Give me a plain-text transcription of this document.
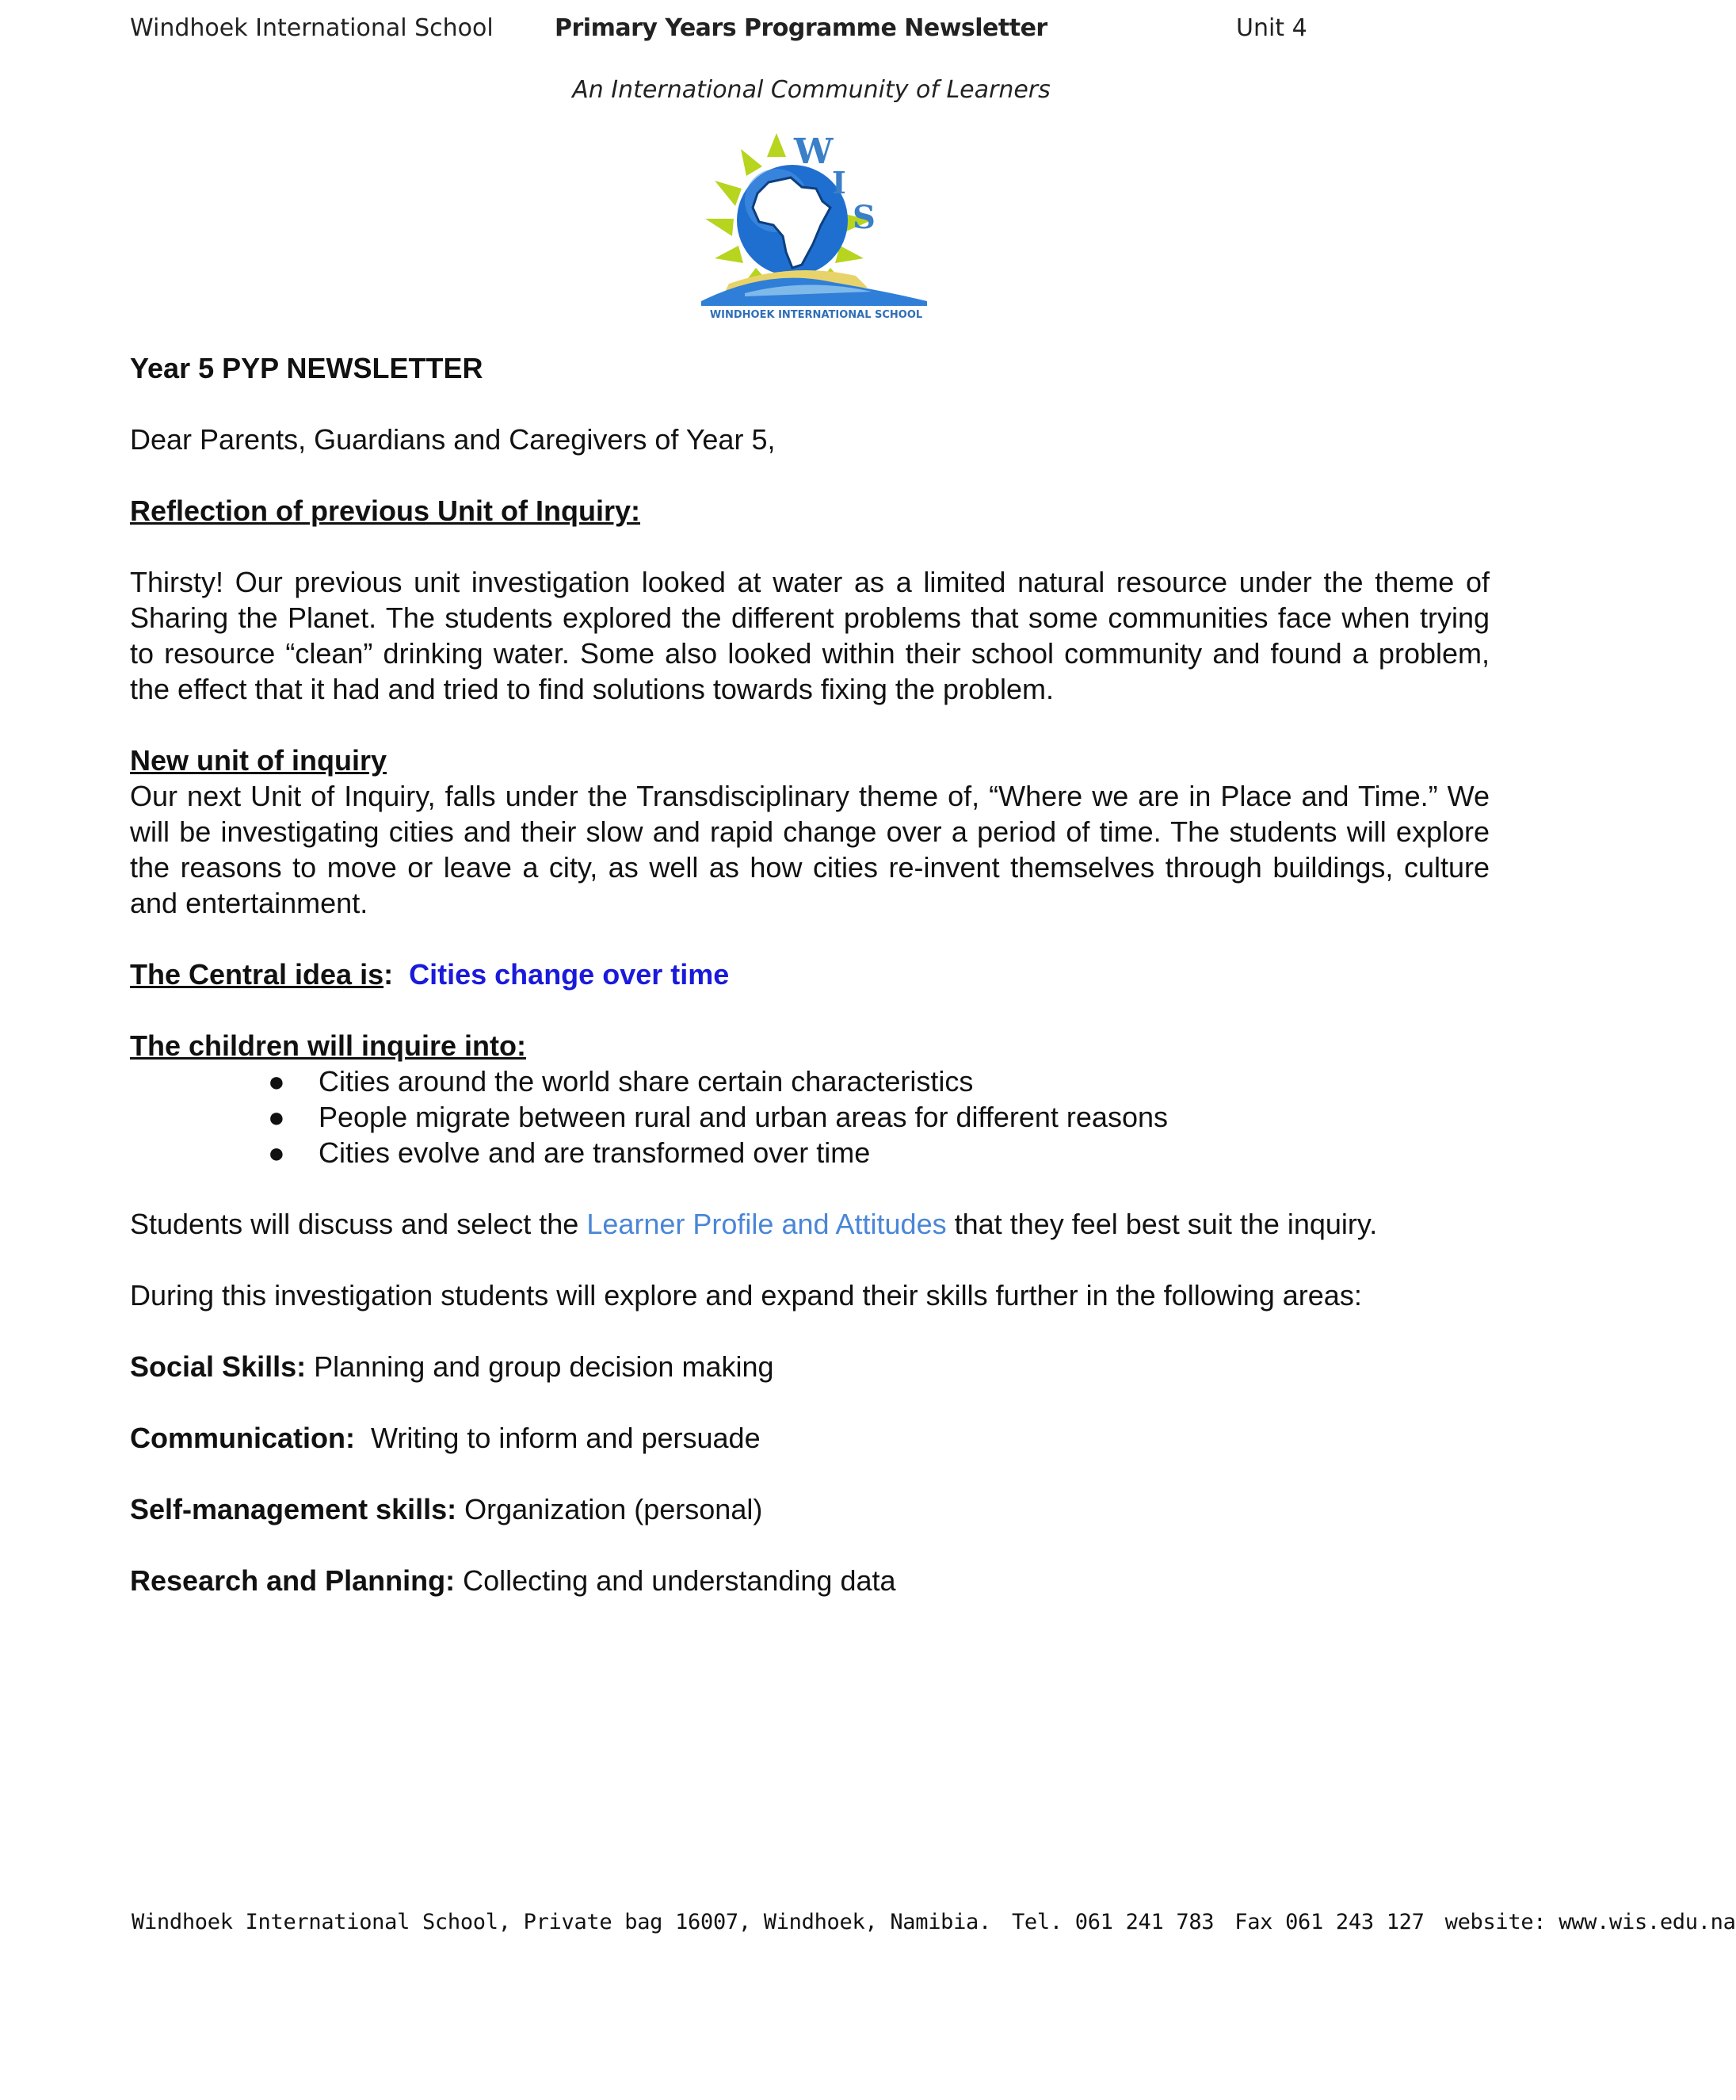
Windhoek International School	Primary Years Programme Newsletter	Unit 4
An International Community of Learners
W
I
S
WINDHOEK INTERNATIONAL SCHOOL

Year 5 PYP NEWSLETTER

Dear Parents, Guardians and Caregivers of Year 5,

Reflection of previous Unit of Inquiry:

Thirsty! Our previous unit investigation looked at water as a limited natural resource under the theme of Sharing the Planet. The students explored the different problems that some communities face when trying to resource “clean” drinking water. Some also looked within their school community and found a problem, the effect that it had and tried to find solutions towards fixing the problem.

New unit of inquiry

Our next Unit of Inquiry, falls under the Transdisciplinary theme of, “Where we are in Place and Time.” We will be investigating cities and their slow and rapid change over a period of time. The students will explore the reasons to move or leave a city, as well as how cities re-invent themselves through buildings, culture and entertainment.

The Central idea is: Cities change over time

The children will inquire into:

● Cities around the world share certain characteristics
● People migrate between rural and urban areas for different reasons
● Cities evolve and are transformed over time

Students will discuss and select the Learner Profile and Attitudes that they feel best suit the inquiry.

During this investigation students will explore and expand their skills further in the following areas:

Social Skills: Planning and group decision making

Communication:  Writing to inform and persuade

Self-management skills: Organization (personal)

Research and Planning: Collecting and understanding data

Windhoek International School, Private bag 16007, Windhoek, Namibia. Tel. 061 241 783 Fax 061 243 127 website: www.wis.edu.na
